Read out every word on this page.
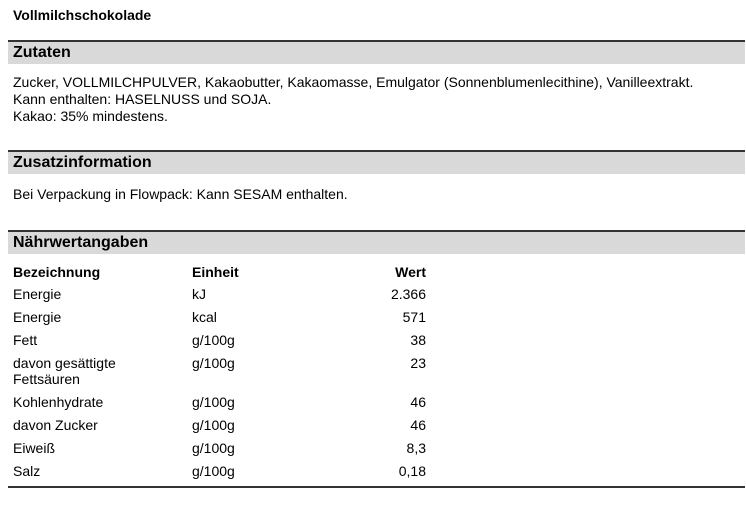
Vollmilchschokolade
Zutaten
Zucker, VOLLMILCHPULVER, Kakaobutter, Kakaomasse, Emulgator (Sonnenblumenlecithine), Vanilleextrakt.
Kann enthalten: HASELNUSS und SOJA.
Kakao: 35% mindestens.
Zusatzinformation
Bei Verpackung in Flowpack: Kann SESAM enthalten.
Nährwertangaben
Bezeichnung	Einheit	Wert
Energie	kJ	2.366
Energie	kcal	571
Fett	g/100g	38
davon gesättigte Fettsäuren	g/100g	23
Kohlenhydrate	g/100g	46
davon Zucker	g/100g	46
Eiweiß	g/100g	8,3
Salz	g/100g	0,18
